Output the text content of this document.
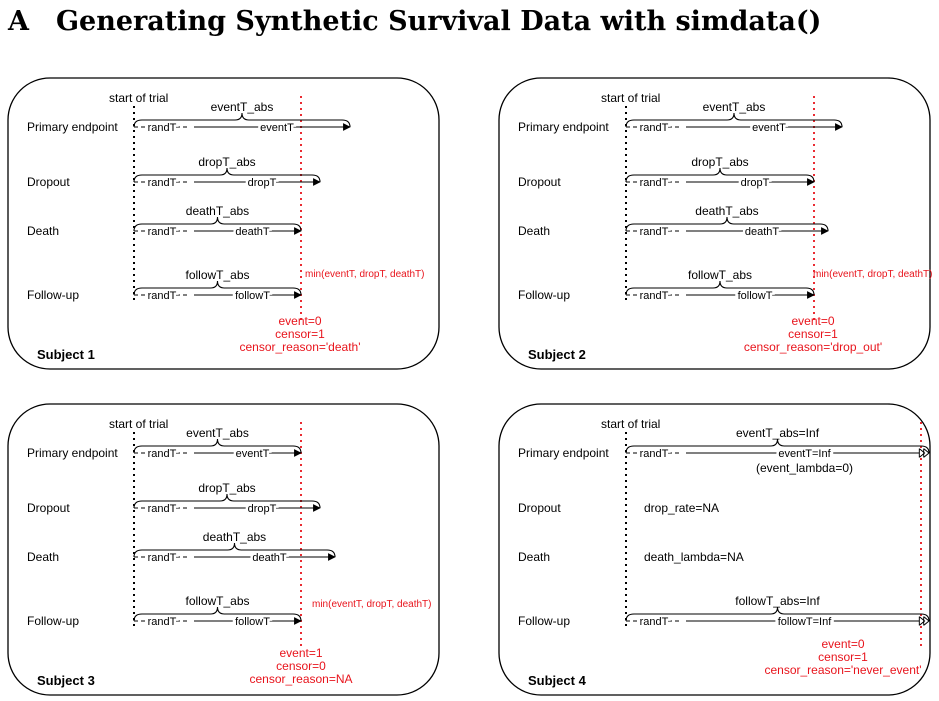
A Generating Synthetic Survival Data with simdata()
start of trial
Primary endpoint
Dropout
Death
Follow-up
eventT_abs
randT	eventT
dropT_abs
randT	dropT
deathT_abs
randT	deathT
followT_abs
randT	followT
min(eventT, dropT, deathT)
event=0
censor=1
censor_reason='death'
Subject 1
start of trial
Primary endpoint
Dropout
Death
Follow-up
eventT_abs
randT	eventT
dropT_abs
randT	dropT
deathT_abs
randT	deathT
followT_abs
randT	followT
min(eventT, dropT, deathT)
event=0
censor=1
censor_reason='drop_out'
Subject 2
start of trial
Primary endpoint
Dropout
Death
Follow-up
eventT_abs
randT	eventT
dropT_abs
randT	dropT
deathT_abs
randT	deathT
followT_abs
randT	followT
min(eventT, dropT, deathT)
event=1
censor=0
censor_reason=NA
Subject 3
start of trial
Primary endpoint
Dropout
Death
Follow-up
eventT_abs=Inf
randT	eventT=Inf
(event_lambda=0)
drop_rate=NA
death_lambda=NA
followT_abs=Inf
randT	followT=Inf
event=0
censor=1
censor_reason='never_event'
Subject 4
